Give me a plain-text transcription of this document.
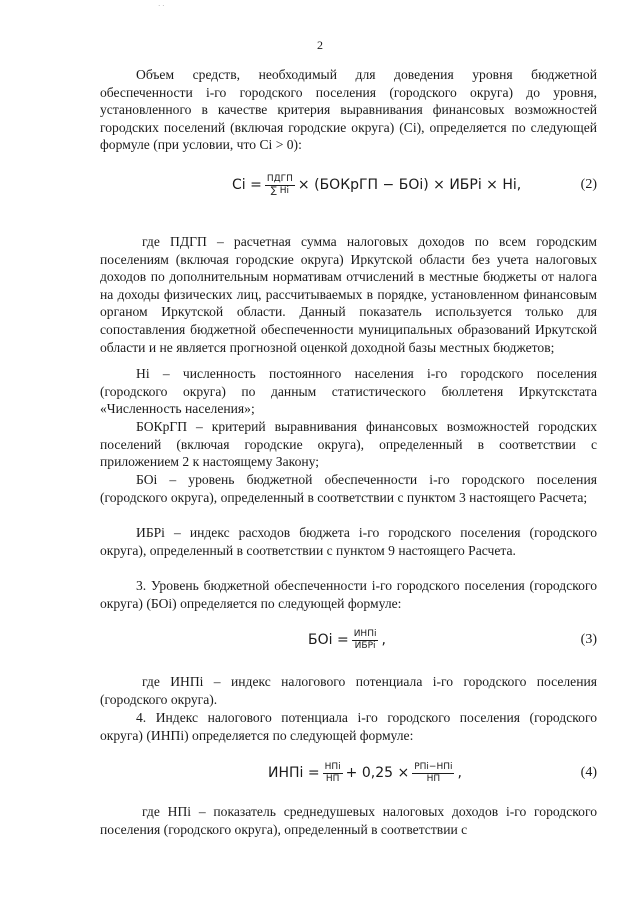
· ·
2

Объем средств, необходимый для доведения уровня бюджетной обеспеченности i-го городского поселения (городского округа) до уровня, установленного в качестве критерия выравнивания финансовых возможностей городских поселений (включая городские округа) (Сi), определяется по следующей формуле (при условии, что Сi > 0):

Сi = $\frac{\text{ПДГП}}{\sum Нi}$ × (БОКрГП − БОi) × ИБРi × Нi,	(2)

где ПДГП – расчетная сумма налоговых доходов по всем городским поселениям (включая городские округа) Иркутской области без учета налоговых доходов по дополнительным нормативам отчислений в местные бюджеты от налога на доходы физических лиц, рассчитываемых в порядке, установленном финансовым органом Иркутской области. Данный показатель используется только для сопоставления бюджетной обеспеченности муниципальных образований Иркутской области и не является прогнозной оценкой доходной базы местных бюджетов;

Нi – численность постоянного населения i-го городского поселения (городского округа) по данным статистического бюллетеня Иркутскстата «Численность населения»;

БОКрГП – критерий выравнивания финансовых возможностей городских поселений (включая городские округа), определенный в соответствии с приложением 2 к настоящему Закону;

БОi – уровень бюджетной обеспеченности i-го городского поселения (городского округа), определенный в соответствии с пунктом 3 настоящего Расчета;

ИБРi – индекс расходов бюджета i-го городского поселения (городского округа), определенный в соответствии с пунктом 9 настоящего Расчета.

3. Уровень бюджетной обеспеченности i-го городского поселения (городского округа) (БОi) определяется по следующей формуле:

БОi = $\frac{\text{ИНПi}}{\text{ИБРi}}$ ,	(3)

где ИНПi – индекс налогового потенциала i-го городского поселения (городского округа).

4. Индекс налогового потенциала i-го городского поселения (городского округа) (ИНПi) определяется по следующей формуле:

ИНПi = $\frac{\text{НПi}}{НП} + 0,25 \times \frac{\text{РПi−НПi}}{НП}$ ,	(4)

где НПi – показатель среднедушевых налоговых доходов i-го городского поселения (городского округа), определенный в соответствии с
